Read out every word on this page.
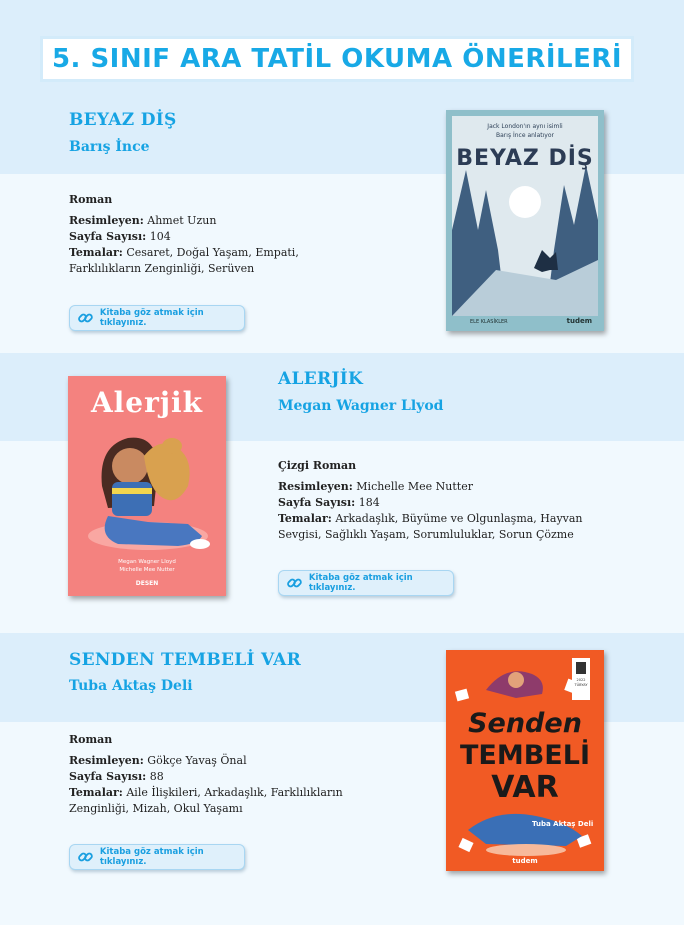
5. SINIF ARA TATİL OKUMA ÖNERİLERİ
BEYAZ DİŞ
Barış İnce
Roman
Resimleyen: Ahmet Uzun
Sayfa Sayısı: 104
Temalar: Cesaret, Doğal Yaşam, Empati, Farklılıkların Zenginliği, Serüven
Kitaba göz atmak için tıklayınız.
Jack London'ın aynı isimli
Barış İnce anlatıyor
BEYAZ DİŞ
ELE KLASİKLER	tudem
Alerjik
Megan Wagner Lloyd
Michelle Mee Nutter
DESEN
ALERJİK
Megan Wagner Llyod
Çizgi Roman
Resimleyen: Michelle Mee Nutter
Sayfa Sayısı: 184
Temalar: Arkadaşlık, Büyüme ve Olgunlaşma, Hayvan Sevgisi, Sağlıklı Yaşam, Sorumluluklar, Sorun Çözme
Kitaba göz atmak için tıklayınız.
SENDEN TEMBELİ VAR
Tuba Aktaş Deli
Roman
Resimleyen: Gökçe Yavaş Önal
Sayfa Sayısı: 88
Temalar: Aile İlişkileri, Arkadaşlık, Farklılıkların Zenginliği, Mizah, Okul Yaşamı
Kitaba göz atmak için tıklayınız.
2022
TÜBYAY
Senden
TEMBELİ
VAR
Tuba Aktaş Deli
tudem
